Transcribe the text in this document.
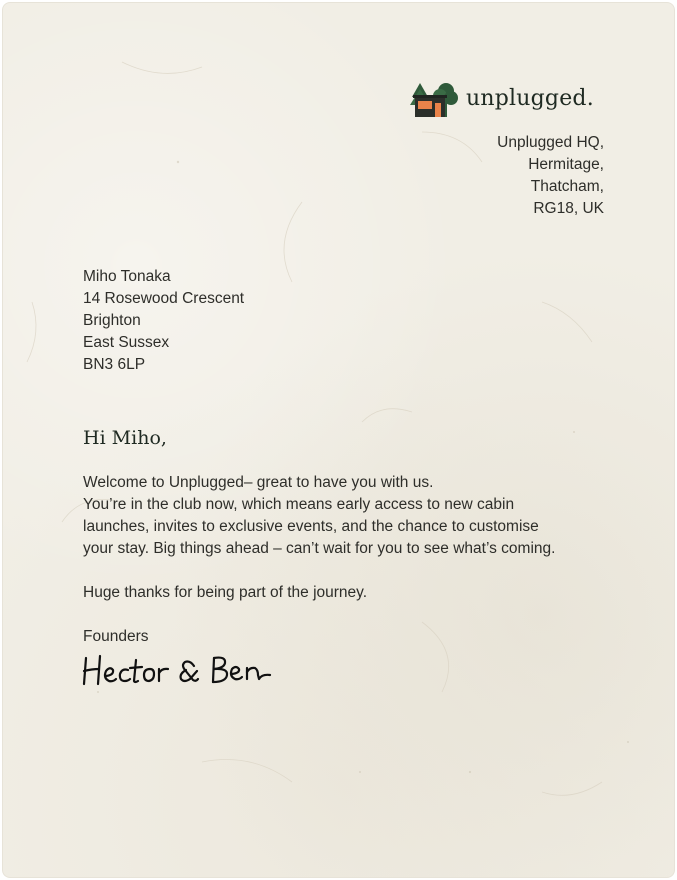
unplugged.
Unplugged HQ,
Hermitage,
Thatcham,
RG18, UK
Miho Tonaka
14 Rosewood Crescent
Brighton
East Sussex
BN3 6LP
Hi Miho,
Welcome to Unplugged– great to have you with us.
You’re in the club now, which means early access to new cabin
launches, invites to exclusive events, and the chance to customise
your stay. Big things ahead – can’t wait for you to see what’s coming.
Huge thanks for being part of the journey.
Founders
